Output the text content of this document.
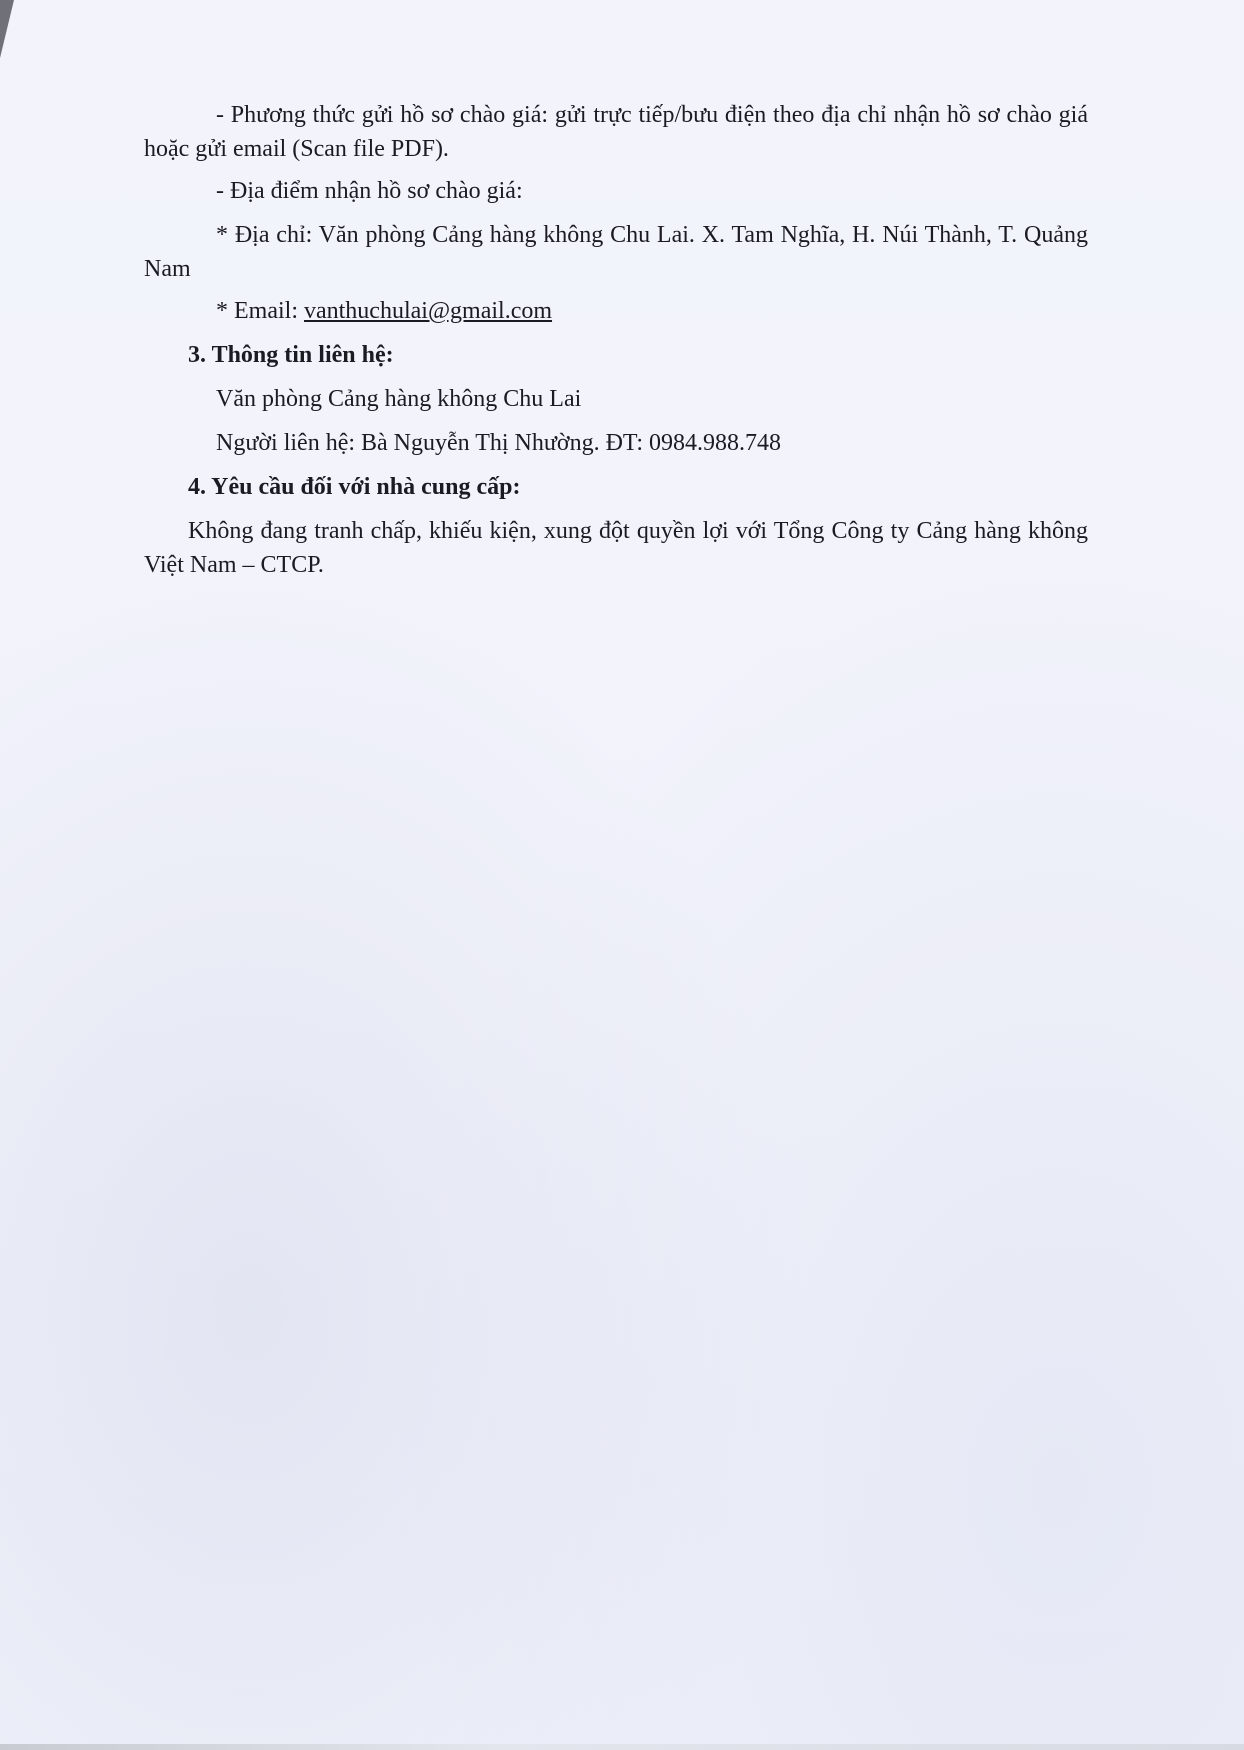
- Phương thức gửi hồ sơ chào giá: gửi trực tiếp/bưu điện theo địa chỉ nhận hồ sơ chào giá hoặc gửi email (Scan file PDF).

- Địa điểm nhận hồ sơ chào giá:

* Địa chỉ: Văn phòng Cảng hàng không Chu Lai. X. Tam Nghĩa, H. Núi Thành, T. Quảng Nam

* Email: vanthuchulai@gmail.com

3. Thông tin liên hệ:

Văn phòng Cảng hàng không Chu Lai

Người liên hệ: Bà Nguyễn Thị Nhường. ĐT: 0984.988.748

4. Yêu cầu đối với nhà cung cấp:

Không đang tranh chấp, khiếu kiện, xung đột quyền lợi với Tổng Công ty Cảng hàng không Việt Nam – CTCP.
